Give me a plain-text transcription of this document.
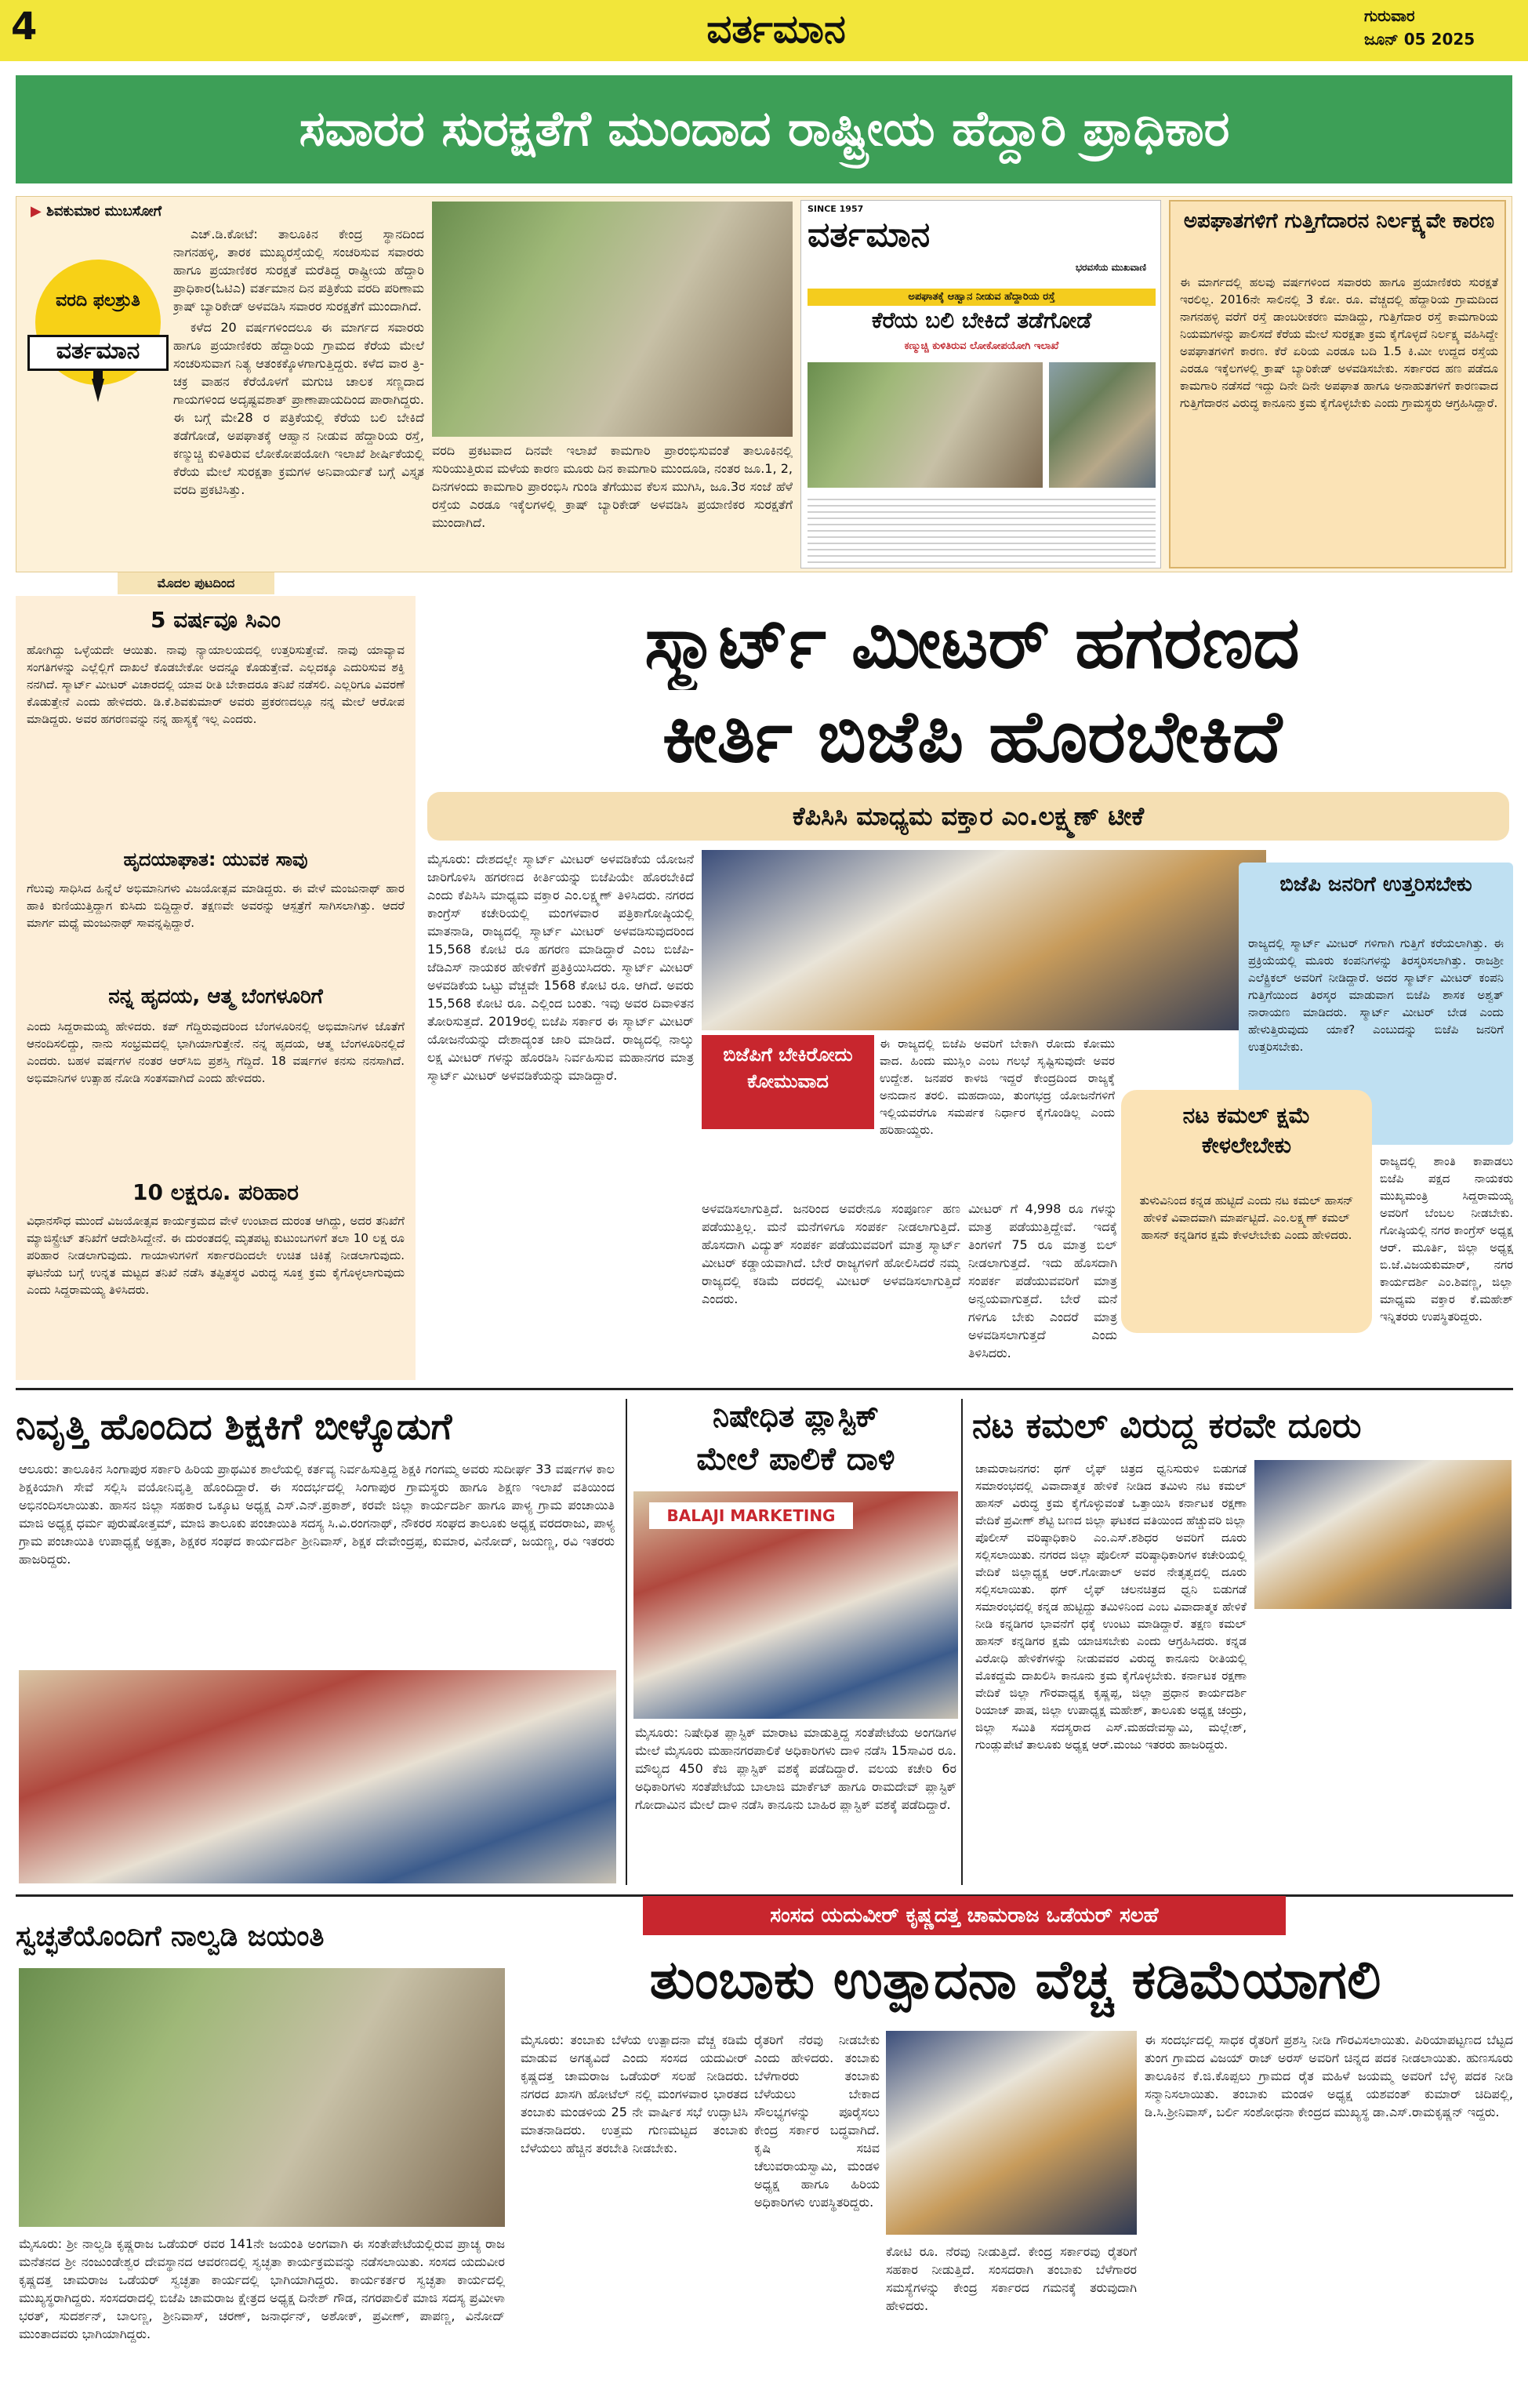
4	ವರ್ತಮಾನ	ಗುರುವಾರ
ಜೂನ್ 05 2025
ಸವಾರರ ಸುರಕ್ಷತೆಗೆ ಮುಂದಾದ ರಾಷ್ಟ್ರೀಯ ಹೆದ್ದಾರಿ ಪ್ರಾಧಿಕಾರ
▶ ಶಿವಕುಮಾರ ಮುಬಸೋಗೆ
ವರದಿ ಫಲಶ್ರುತಿ
ವರ್ತಮಾನ

ಎಚ್.ಡಿ.ಕೋಟೆ: ತಾಲೂಕಿನ ಕೇಂದ್ರ ಸ್ಥಾನದಿಂದ ನಾಗನಹಳ್ಳಿ, ತಾರಕ ಮುಖ್ಯರಸ್ತೆಯಲ್ಲಿ ಸಂಚರಿಸುವ ಸವಾರರು ಹಾಗೂ ಪ್ರಯಾಣಿಕರ ಸುರಕ್ಷತೆ ಮರೆತಿದ್ದ ರಾಷ್ಟ್ರೀಯ ಹೆದ್ದಾರಿ ಪ್ರಾಧಿಕಾರ(ಓಟಿಎ) ವರ್ತಮಾನ ದಿನ ಪತ್ರಿಕೆಯ ವರದಿ ಪರಿಣಾಮ ಕ್ರಾಷ್ ಬ್ಯಾರಿಕೇಡ್ ಅಳವಡಿಸಿ ಸವಾರರ ಸುರಕ್ಷತೆಗೆ ಮುಂದಾಗಿದೆ.

ಕಳೆದ 20 ವರ್ಷಗಳಿಂದಲೂ ಈ ಮಾರ್ಗದ ಸವಾರರು ಹಾಗೂ ಪ್ರಯಾಣಿಕರು ಹೆದ್ದಾರಿಯ ಗ್ರಾಮದ ಕೆರೆಯ ಮೇಲೆ ಸಂಚರಿಸುವಾಗ ನಿತ್ಯ ಆತಂಕಕ್ಕೊಳಗಾಗುತ್ತಿದ್ದರು. ಕಳೆದ ವಾರ ತ್ರಿ-ಚಕ್ರ ವಾಹನ ಕೆರೆಯೊಳಗೆ ಮಗುಚಿ ಚಾಲಕ ಸಣ್ಣದಾದ ಗಾಯಗಳಿಂದ ಅದೃಷ್ಟವಶಾತ್ ಪ್ರಾಣಾಪಾಯದಿಂದ ಪಾರಾಗಿದ್ದರು. ಈ ಬಗ್ಗೆ ಮೇ28 ರ ಪತ್ರಿಕೆಯಲ್ಲಿ ಕೆರೆಯ ಬಲಿ ಬೇಕಿದೆ ತಡೆಗೋಡೆ, ಅಪಘಾತಕ್ಕೆ ಆಹ್ವಾನ ನೀಡುವ ಹೆದ್ದಾರಿಯ ರಸ್ತೆ, ಕಣ್ಮುಚ್ಚಿ ಕುಳಿತಿರುವ ಲೋಕೋಪಯೋಗಿ ಇಲಾಖೆ ಶೀರ್ಷಿಕೆಯಲ್ಲಿ ಕೆರೆಯ ಮೇಲೆ ಸುರಕ್ಷತಾ ಕ್ರಮಗಳ ಅನಿವಾರ್ಯತೆ ಬಗ್ಗೆ ವಿಸ್ತೃತ ವರದಿ ಪ್ರಕಟಿಸಿತ್ತು.

ವರದಿ ಪ್ರಕಟವಾದ ದಿನವೇ ಇಲಾಖೆ ಕಾಮಗಾರಿ ಪ್ರಾರಂಭಿಸುವಂತೆ ತಾಲೂಕಿನಲ್ಲಿ ಸುರಿಯುತ್ತಿರುವ ಮಳೆಯ ಕಾರಣ ಮೂರು ದಿನ ಕಾಮಗಾರಿ ಮುಂದೂಡಿ, ನಂತರ ಜೂ.1, 2, ದಿನಗಳಂದು ಕಾಮಗಾರಿ ಪ್ರಾರಂಭಿಸಿ ಗುಂಡಿ ತೆಗೆಯುವ ಕೆಲಸ ಮುಗಿಸಿ, ಜೂ.3ರ ಸಂಜೆ ಹೆಳೆ ರಸ್ತೆಯ ಎರಡೂ ಇಕ್ಕೆಲಗಳಲ್ಲಿ ಕ್ರಾಷ್ ಬ್ಯಾರಿಕೇಡ್ ಅಳವಡಿಸಿ ಪ್ರಯಾಣಿಕರ ಸುರಕ್ಷತೆಗೆ ಮುಂದಾಗಿದೆ.
SINCE 1957
ವರ್ತಮಾನ
ಭರವಸೆಯ ಮುಖವಾಣಿ
ಅಪಘಾತಕ್ಕೆ ಆಹ್ವಾನ ನೀಡುವ ಹೆದ್ದಾರಿಯ ರಸ್ತೆ
ಕೆರೆಯ ಬಲಿ ಬೇಕಿದೆ ತಡೆಗೋಡೆ
ಕಣ್ಮುಚ್ಚಿ ಕುಳಿತಿರುವ ಲೋಕೋಪಯೋಗಿ ಇಲಾಖೆ
ಅಪಘಾತಗಳಿಗೆ ಗುತ್ತಿಗೆದಾರನ ನಿರ್ಲಕ್ಷ್ಯವೇ ಕಾರಣ
ಈ ಮಾರ್ಗದಲ್ಲಿ ಹಲವು ವರ್ಷಗಳಿಂದ ಸವಾರರು ಹಾಗೂ ಪ್ರಯಾಣಿಕರು ಸುರಕ್ಷತೆ ಇರಲಿಲ್ಲ. 2016ನೇ ಸಾಲಿನಲ್ಲಿ 3 ಕೋ. ರೂ. ವೆಚ್ಚದಲ್ಲಿ ಹೆದ್ದಾರಿಯ ಗ್ರಾಮದಿಂದ ನಾಗನಹಳ್ಳಿ ವರೆಗೆ ರಸ್ತೆ ಡಾಂಬರೀಕರಣ ಮಾಡಿದ್ದು, ಗುತ್ತಿಗೆದಾರ ರಸ್ತೆ ಕಾಮಗಾರಿಯ ನಿಯಮಗಳನ್ನು ಪಾಲಿಸದೆ ಕೆರೆಯ ಮೇಲೆ ಸುರಕ್ಷತಾ ಕ್ರಮ ಕೈಗೊಳ್ಳದೆ ನಿರ್ಲಕ್ಷ್ಯ ವಹಿಸಿದ್ದೇ ಅಪಘಾತಗಳಿಗೆ ಕಾರಣ. ಕೆರೆ ಏರಿಯ ಎರಡೂ ಬದಿ 1.5 ಕಿ.ಮೀ ಉದ್ದದ ರಸ್ತೆಯ ಎರಡೂ ಇಕ್ಕೆಲಗಳಲ್ಲಿ ಕ್ರಾಷ್ ಬ್ಯಾರಿಕೇಡ್ ಅಳವಡಿಸಬೇಕು. ಸರ್ಕಾರದ ಹಣ ಪಡೆದೂ ಕಾಮಗಾರಿ ನಡೆಸದೆ ಇದ್ದು ದಿನೇ ದಿನೇ ಅಪಘಾತ ಹಾಗೂ ಅನಾಹುತಗಳಿಗೆ ಕಾರಣವಾದ ಗುತ್ತಿಗೆದಾರನ ವಿರುದ್ಧ ಕಾನೂನು ಕ್ರಮ ಕೈಗೊಳ್ಳಬೇಕು ಎಂದು ಗ್ರಾಮಸ್ಥರು ಆಗ್ರಹಿಸಿದ್ದಾರೆ.
ಮೊದಲ ಪುಟದಿಂದ
5 ವರ್ಷವೂ ಸಿಎಂ
ಹೋಗಿದ್ದು ಒಳ್ಳೆಯದೇ ಆಯಿತು. ನಾವು ನ್ಯಾಯಾಲಯದಲ್ಲಿ ಉತ್ತರಿಸುತ್ತೇವೆ. ನಾವು ಯಾವ್ಯಾವ ಸಂಗತಿಗಳನ್ನು ಎಲ್ಲೆಲ್ಲಿಗೆ ದಾಖಲೆ ಕೊಡಬೇಕೋ ಅದನ್ನೂ ಕೊಡುತ್ತೇವೆ. ಎಲ್ಲದಕ್ಕೂ ಎದುರಿಸುವ ಶಕ್ತಿ ನನಗಿದೆ. ಸ್ಮಾರ್ಟ್ ಮೀಟರ್ ವಿಚಾರದಲ್ಲಿ ಯಾವ ರೀತಿ ಬೇಕಾದರೂ ತನಿಖೆ ನಡೆಸಲಿ. ಎಲ್ಲರಿಗೂ ವಿವರಣೆ ಕೊಡುತ್ತೇನೆ ಎಂದು ಹೇಳಿದರು. ಡಿ.ಕೆ.ಶಿವಕುಮಾರ್ ಅವರು ಪ್ರಕರಣದಲ್ಲೂ ನನ್ನ ಮೇಲೆ ಆರೋಪ ಮಾಡಿದ್ದರು. ಅವರ ಹಗರಣವನ್ನು ನನ್ನ ಹಾಸ್ಯಕ್ಕೆ ಇಲ್ಲ ಎಂದರು.
ಹೃದಯಾಘಾತ: ಯುವಕ ಸಾವು
ಗೆಲುವು ಸಾಧಿಸಿದ ಹಿನ್ನೆಲೆ ಅಭಿಮಾನಿಗಳು ವಿಜಯೋತ್ಸವ ಮಾಡಿದ್ದರು. ಈ ವೇಳೆ ಮಂಜುನಾಥ್ ಹಾರ ಹಾಕಿ ಕುಣಿಯುತ್ತಿದ್ದಾಗ ಕುಸಿದು ಬಿದ್ದಿದ್ದಾರೆ. ತಕ್ಷಣವೇ ಅವರನ್ನು ಆಸ್ಪತ್ರೆಗೆ ಸಾಗಿಸಲಾಗಿತ್ತು. ಆದರೆ ಮಾರ್ಗ ಮಧ್ಯೆ ಮಂಜುನಾಥ್ ಸಾವನ್ನಪ್ಪಿದ್ದಾರೆ.
ನನ್ನ ಹೃದಯ, ಆತ್ಮ ಬೆಂಗಳೂರಿಗೆ
ಎಂದು ಸಿದ್ದರಾಮಯ್ಯ ಹೇಳಿದರು. ಕಪ್ ಗೆದ್ದಿರುವುದರಿಂದ ಬೆಂಗಳೂರಿನಲ್ಲಿ ಅಭಿಮಾನಿಗಳ ಜೊತೆಗೆ ಆನಂದಿಸಲಿದ್ದು, ನಾನು ಸಂಭ್ರಮದಲ್ಲಿ ಭಾಗಿಯಾಗುತ್ತೇನೆ. ನನ್ನ ಹೃದಯ, ಆತ್ಮ ಬೆಂಗಳೂರಿನಲ್ಲಿದೆ ಎಂದರು. ಬಹಳ ವರ್ಷಗಳ ನಂತರ ಆರ್‌ಸಿಬಿ ಪ್ರಶಸ್ತಿ ಗೆದ್ದಿದೆ. 18 ವರ್ಷಗಳ ಕನಸು ನನಸಾಗಿದೆ. ಅಭಿಮಾನಿಗಳ ಉತ್ಸಾಹ ನೋಡಿ ಸಂತಸವಾಗಿದೆ ಎಂದು ಹೇಳಿದರು.
10 ಲಕ್ಷರೂ. ಪರಿಹಾರ
ವಿಧಾನಸೌಧ ಮುಂದೆ ವಿಜಯೋತ್ಸವ ಕಾರ್ಯಕ್ರಮದ ವೇಳೆ ಉಂಟಾದ ದುರಂತ ಆಗಿದ್ದು, ಅದರ ತನಿಖೆಗೆ ಮ್ಯಾಜಿಸ್ಟ್ರೇಟ್ ತನಿಖೆಗೆ ಆದೇಶಿಸಿದ್ದೇನೆ. ಈ ದುರಂತದಲ್ಲಿ ಮೃತಪಟ್ಟ ಕುಟುಂಬಗಳಿಗೆ ತಲಾ 10 ಲಕ್ಷ ರೂ ಪರಿಹಾರ ನೀಡಲಾಗುವುದು. ಗಾಯಾಳುಗಳಿಗೆ ಸರ್ಕಾರದಿಂದಲೇ ಉಚಿತ ಚಿಕಿತ್ಸೆ ನೀಡಲಾಗುವುದು. ಘಟನೆಯ ಬಗ್ಗೆ ಉನ್ನತ ಮಟ್ಟದ ತನಿಖೆ ನಡೆಸಿ ತಪ್ಪಿತಸ್ಥರ ವಿರುದ್ಧ ಸೂಕ್ತ ಕ್ರಮ ಕೈಗೊಳ್ಳಲಾಗುವುದು ಎಂದು ಸಿದ್ದರಾಮಯ್ಯ ತಿಳಿಸಿದರು.
ಸ್ಮಾರ್ಟ್ ಮೀಟರ್ ಹಗರಣದ
ಕೀರ್ತಿ ಬಿಜೆಪಿ ಹೊರಬೇಕಿದೆ
ಕೆಪಿಸಿಸಿ ಮಾಧ್ಯಮ ವಕ್ತಾರ ಎಂ.ಲಕ್ಷ್ಮಣ್ ಟೀಕೆ
ಮೈಸೂರು: ದೇಶದಲ್ಲೇ ಸ್ಮಾರ್ಟ್ ಮೀಟರ್ ಅಳವಡಿಕೆಯ ಯೋಜನೆ ಜಾರಿಗೊಳಿಸಿ ಹಗರಣದ ಕೀರ್ತಿಯನ್ನು ಬಿಜೆಪಿಯೇ ಹೊರಬೇಕಿದೆ ಎಂದು ಕೆಪಿಸಿಸಿ ಮಾಧ್ಯಮ ವಕ್ತಾರ ಎಂ.ಲಕ್ಷ್ಮಣ್ ತಿಳಿಸಿದರು. ನಗರದ ಕಾಂಗ್ರೆಸ್ ಕಚೇರಿಯಲ್ಲಿ ಮಂಗಳವಾರ ಪತ್ರಿಕಾಗೋಷ್ಠಿಯಲ್ಲಿ ಮಾತನಾಡಿ, ರಾಜ್ಯದಲ್ಲಿ ಸ್ಮಾರ್ಟ್ ಮೀಟರ್ ಅಳವಡಿಸುವುದರಿಂದ 15,568 ಕೋಟಿ ರೂ ಹಗರಣ ಮಾಡಿದ್ದಾರೆ ಎಂಬ ಬಿಜೆಪಿ-ಜೆಡಿಎಸ್ ನಾಯಕರ ಹೇಳಿಕೆಗೆ ಪ್ರತಿಕ್ರಿಯಿಸಿದರು. ಸ್ಮಾರ್ಟ್ ಮೀಟರ್ ಅಳವಡಿಕೆಯ ಒಟ್ಟು ವೆಚ್ಚವೇ 1568 ಕೋಟಿ ರೂ. ಆಗಿದೆ. ಅವರು 15,568 ಕೋಟಿ ರೂ. ಎಲ್ಲಿಂದ ಬಂತು. ಇವು ಅವರ ದಿವಾಳಿತನ ತೋರಿಸುತ್ತದೆ. 2019ರಲ್ಲಿ ಬಿಜೆಪಿ ಸರ್ಕಾರ ಈ ಸ್ಮಾರ್ಟ್ ಮೀಟರ್ ಯೋಜನೆಯನ್ನು ದೇಶಾದ್ಯಂತ ಜಾರಿ ಮಾಡಿದೆ. ರಾಜ್ಯದಲ್ಲಿ ನಾಲ್ಕು ಲಕ್ಷ ಮೀಟರ್ ಗಳನ್ನು ಹೊರಡಿಸಿ ನಿರ್ವಹಿಸುವ ಮಹಾನಗರ ಮಾತ್ರ ಸ್ಮಾರ್ಟ್ ಮೀಟರ್ ಅಳವಡಿಕೆಯನ್ನು ಮಾಡಿದ್ದಾರೆ.
ಬಿಜೆಪಿಗೆ ಬೇಕಿರೋದು ಕೋಮುವಾದ
ಈ ರಾಜ್ಯದಲ್ಲಿ ಬಿಜೆಪಿ ಅವರಿಗೆ ಬೇಕಾಗಿ ರೋದು ಕೋಮು ವಾದ. ಹಿಂದು ಮುಸ್ಲಿಂ ಎಂಬ ಗಲಭೆ ಸೃಷ್ಟಿಸುವುದೇ ಅವರ ಉದ್ದೇಶ. ಜನಪರ ಕಾಳಜಿ ಇದ್ದರೆ ಕೇಂದ್ರದಿಂದ ರಾಜ್ಯಕ್ಕೆ ಅನುದಾನ ತರಲಿ. ಮಹದಾಯಿ, ತುಂಗಭದ್ರ ಯೋಜನೆಗಳಿಗೆ ಇಲ್ಲಿಯವರೆಗೂ ಸಮರ್ಪಕ ನಿರ್ಧಾರ ಕೈಗೊಂಡಿಲ್ಲ ಎಂದು ಹರಿಹಾಯ್ದರು.
ಬಿಜೆಪಿ ಜನರಿಗೆ ಉತ್ತರಿಸಬೇಕು
ರಾಜ್ಯದಲ್ಲಿ ಸ್ಮಾರ್ಟ್ ಮೀಟರ್ ಗಳಿಗಾಗಿ ಗುತ್ತಿಗೆ ಕರೆಯಲಾಗಿತ್ತು. ಈ ಪ್ರಕ್ರಿಯೆಯಲ್ಲಿ ಮೂರು ಕಂಪನಿಗಳನ್ನು ತಿರಸ್ಕರಿಸಲಾಗಿತ್ತು. ರಾಜಶ್ರೀ ಎಲೆಕ್ಟ್ರಿಕಲ್ ಅವರಿಗೆ ನೀಡಿದ್ದಾರೆ. ಅದರ ಸ್ಮಾರ್ಟ್ ಮೀಟರ್ ಕಂಪನಿ ಗುತ್ತಿಗೆಯಿಂದ ತಿರಸ್ಕರ ಮಾಡುವಾಗ ಬಿಜೆಪಿ ಶಾಸಕ ಅಶ್ವತ್ ನಾರಾಯಣ ಮಾಡಿದರು. ಸ್ಮಾರ್ಟ್ ಮೀಟರ್ ಬೇಡ ಎಂದು ಹೇಳುತ್ತಿರುವುದು ಯಾಕೆ? ಎಂಬುದನ್ನು ಬಿಜೆಪಿ ಜನರಿಗೆ ಉತ್ತರಿಸಬೇಕು.
ನಟ ಕಮಲ್ ಕ್ಷಮೆ ಕೇಳಲೇಬೇಕು
ತುಳುವಿನಿಂದ ಕನ್ನಡ ಹುಟ್ಟಿದೆ ಎಂದು ನಟ ಕಮಲ್ ಹಾಸನ್ ಹೇಳಿಕೆ ವಿವಾದವಾಗಿ ಮಾರ್ಪಟ್ಟಿದೆ. ಎಂ.ಲಕ್ಷ್ಮಣ್ ಕಮಲ್ ಹಾಸನ್ ಕನ್ನಡಿಗರ ಕ್ಷಮೆ ಕೇಳಲೇಬೇಕು ಎಂದು ಹೇಳಿದರು.
ಅಳವಡಿಸಲಾಗುತ್ತಿದೆ. ಜನರಿಂದ ಅವರೇನೂ ಸಂಪೂರ್ಣ ಹಣ ಪಡೆಯುತ್ತಿಲ್ಲ. ಮನೆ ಮನೆಗಳಿಗೂ ಸಂಪರ್ಕ ನೀಡಲಾಗುತ್ತಿದೆ. ಹೊಸದಾಗಿ ವಿದ್ಯುತ್ ಸಂಪರ್ಕ ಪಡೆಯುವವರಿಗೆ ಮಾತ್ರ ಸ್ಮಾರ್ಟ್ ಮೀಟರ್ ಕಡ್ಡಾಯವಾಗಿದೆ. ಬೇರೆ ರಾಜ್ಯಗಳಿಗೆ ಹೋಲಿಸಿದರೆ ನಮ್ಮ ರಾಜ್ಯದಲ್ಲಿ ಕಡಿಮೆ ದರದಲ್ಲಿ ಮೀಟರ್ ಅಳವಡಿಸಲಾಗುತ್ತಿದೆ ಎಂದರು.
ಮೀಟರ್ ಗೆ 4,998 ರೂ ಗಳನ್ನು ಮಾತ್ರ ಪಡೆಯುತ್ತಿದ್ದೇವೆ. ಇದಕ್ಕೆ ತಿಂಗಳಿಗೆ 75 ರೂ ಮಾತ್ರ ಬಿಲ್ ನೀಡಲಾಗುತ್ತದೆ. ಇದು ಹೊಸದಾಗಿ ಸಂಪರ್ಕ ಪಡೆಯುವವರಿಗೆ ಮಾತ್ರ ಅನ್ವಯವಾಗುತ್ತದೆ. ಬೇರೆ ಮನೆ ಗಳಿಗೂ ಬೇಕು ಎಂದರೆ ಮಾತ್ರ ಅಳವಡಿಸಲಾಗುತ್ತದೆ ಎಂದು ತಿಳಿಸಿದರು.
ರಾಜ್ಯದಲ್ಲಿ ಶಾಂತಿ ಕಾಪಾಡಲು ಬಿಜೆಪಿ ಪಕ್ಷದ ನಾಯಕರು ಮುಖ್ಯಮಂತ್ರಿ ಸಿದ್ದರಾಮಯ್ಯ ಅವರಿಗೆ ಬೆಂಬಲ ನೀಡಬೇಕು. ಗೋಷ್ಠಿಯಲ್ಲಿ ನಗರ ಕಾಂಗ್ರೆಸ್ ಅಧ್ಯಕ್ಷ ಆರ್. ಮೂರ್ತಿ, ಜಿಲ್ಲಾ ಅಧ್ಯಕ್ಷ ಬಿ.ಜೆ.ವಿಜಯಕುಮಾರ್, ನಗರ ಕಾರ್ಯದರ್ಶಿ ಎಂ.ಶಿವಣ್ಣ, ಜಿಲ್ಲಾ ಮಾಧ್ಯಮ ವಕ್ತಾರ ಕೆ.ಮಹೇಶ್ ಇನ್ನಿತರರು ಉಪಸ್ಥಿತರಿದ್ದರು.
ನಿವೃತ್ತಿ ಹೊಂದಿದ ಶಿಕ್ಷಕಿಗೆ ಬೀಳ್ಕೊಡುಗೆ
ಆಲೂರು: ತಾಲೂಕಿನ ಸಿಂಗಾಪುರ ಸರ್ಕಾರಿ ಹಿರಿಯ ಪ್ರಾಥಮಿಕ ಶಾಲೆಯಲ್ಲಿ ಕರ್ತವ್ಯ ನಿರ್ವಹಿಸುತ್ತಿದ್ದ ಶಿಕ್ಷಕಿ ಗಂಗಮ್ಮ ಅವರು ಸುದೀರ್ಘ 33 ವರ್ಷಗಳ ಕಾಲ ಶಿಕ್ಷಕಿಯಾಗಿ ಸೇವೆ ಸಲ್ಲಿಸಿ ವಯೋನಿವೃತ್ತಿ ಹೊಂದಿದ್ದಾರೆ. ಈ ಸಂದರ್ಭದಲ್ಲಿ ಸಿಂಗಾಪುರ ಗ್ರಾಮಸ್ಥರು ಹಾಗೂ ಶಿಕ್ಷಣ ಇಲಾಖೆ ವತಿಯಿಂದ ಅಭಿನಂದಿಸಲಾಯಿತು. ಹಾಸನ ಜಿಲ್ಲಾ ಸಹಕಾರ ಒಕ್ಕೂಟ ಅಧ್ಯಕ್ಷ ಎಸ್.ಎನ್.ಪ್ರಕಾಶ್, ಕರವೇ ಜಿಲ್ಲಾ ಕಾರ್ಯದರ್ಶಿ ಹಾಗೂ ಪಾಳ್ಯ ಗ್ರಾಮ ಪಂಚಾಯಿತಿ ಮಾಜಿ ಅಧ್ಯಕ್ಷ ಧರ್ಮ ಪುರುಷೋತ್ತಮ್, ಮಾಜಿ ತಾಲೂಕು ಪಂಚಾಯಿತಿ ಸದಸ್ಯ ಸಿ.ವಿ.ರಂಗನಾಥ್, ನೌಕರರ ಸಂಘದ ತಾಲೂಕು ಅಧ್ಯಕ್ಷ ವರದರಾಜು, ಪಾಳ್ಯ ಗ್ರಾಮ ಪಂಚಾಯಿತಿ ಉಪಾಧ್ಯಕ್ಷೆ ಅಕ್ಷತಾ, ಶಿಕ್ಷಕರ ಸಂಘದ ಕಾರ್ಯದರ್ಶಿ ಶ್ರೀನಿವಾಸ್, ಶಿಕ್ಷಕ ದೇವೇಂದ್ರಪ್ಪ, ಕುಮಾರ, ವಿನೋದ್, ಜಯಣ್ಣ, ರವಿ ಇತರರು ಹಾಜರಿದ್ದರು.
ನಿಷೇಧಿತ ಪ್ಲಾಸ್ಟಿಕ್
ಮೇಲೆ ಪಾಲಿಕೆ ದಾಳಿ
BALAJI MARKETING
ಮೈಸೂರು: ನಿಷೇಧಿತ ಪ್ಲಾಸ್ಟಿಕ್ ಮಾರಾಟ ಮಾಡುತ್ತಿದ್ದ ಸಂತೆಪೇಟೆಯ ಅಂಗಡಿಗಳ ಮೇಲೆ ಮೈಸೂರು ಮಹಾನಗರಪಾಲಿಕೆ ಅಧಿಕಾರಿಗಳು ದಾಳಿ ನಡೆಸಿ 15ಸಾವಿರ ರೂ. ಮೌಲ್ಯದ 450 ಕೆಜಿ ಪ್ಲಾಸ್ಟಿಕ್ ವಶಕ್ಕೆ ಪಡೆದಿದ್ದಾರೆ. ವಲಯ ಕಚೇರಿ 6ರ ಅಧಿಕಾರಿಗಳು ಸಂತೆಪೇಟೆಯ ಬಾಲಾಜಿ ಮಾರ್ಕೆಟ್ ಹಾಗೂ ರಾಮದೇವ್ ಪ್ಲಾಸ್ಟಿಕ್ ಗೋದಾಮಿನ ಮೇಲೆ ದಾಳಿ ನಡೆಸಿ ಕಾನೂನು ಬಾಹಿರ ಪ್ಲಾಸ್ಟಿಕ್ ವಶಕ್ಕೆ ಪಡೆದಿದ್ದಾರೆ.
ನಟ ಕಮಲ್ ವಿರುದ್ದ ಕರವೇ ದೂರು
ಚಾಮರಾಜನಗರ: ಥಗ್ ಲೈಫ್ ಚಿತ್ರದ ಧ್ವನಿಸುರುಳಿ ಬಿಡುಗಡೆ ಸಮಾರಂಭದಲ್ಲಿ ವಿವಾದಾತ್ಮಕ ಹೇಳಿಕೆ ನೀಡಿದ ತಮಿಳು ನಟ ಕಮಲ್ ಹಾಸನ್ ವಿರುದ್ಧ ಕ್ರಮ ಕೈಗೊಳ್ಳುವಂತೆ ಒತ್ತಾಯಿಸಿ ಕರ್ನಾಟಕ ರಕ್ಷಣಾ ವೇದಿಕೆ ಪ್ರವೀಣ್ ಶೆಟ್ಟಿ ಬಣದ ಜಿಲ್ಲಾ ಘಟಕದ ವತಿಯಿಂದ ಹೆಚ್ಚುವರಿ ಜಿಲ್ಲಾ ಪೊಲೀಸ್ ವರಿಷ್ಠಾಧಿಕಾರಿ ಎಂ.ಎಸ್.ಶಶಿಧರ ಅವರಿಗೆ ದೂರು ಸಲ್ಲಿಸಲಾಯಿತು. ನಗರದ ಜಿಲ್ಲಾ ಪೊಲೀಸ್ ವರಿಷ್ಠಾಧಿಕಾರಿಗಳ ಕಚೇರಿಯಲ್ಲಿ ವೇದಿಕೆ ಜಿಲ್ಲಾಧ್ಯಕ್ಷ ಆರ್.ಗೋಪಾಲ್ ಅವರ ನೇತೃತ್ವದಲ್ಲಿ ದೂರು ಸಲ್ಲಿಸಲಾಯಿತು. ಥಗ್ ಲೈಫ್ ಚಲನಚಿತ್ರದ ಧ್ವನಿ ಬಿಡುಗಡೆ ಸಮಾರಂಭದಲ್ಲಿ ಕನ್ನಡ ಹುಟ್ಟಿದ್ದು ತಮಿಳಿನಿಂದ ಎಂಬ ವಿವಾದಾತ್ಮಕ ಹೇಳಿಕೆ ನೀಡಿ ಕನ್ನಡಿಗರ ಭಾವನೆಗೆ ಧಕ್ಕೆ ಉಂಟು ಮಾಡಿದ್ದಾರೆ. ತಕ್ಷಣ ಕಮಲ್ ಹಾಸನ್ ಕನ್ನಡಿಗರ ಕ್ಷಮೆ ಯಾಚಿಸಬೇಕು ಎಂದು ಆಗ್ರಹಿಸಿದರು. ಕನ್ನಡ ವಿರೋಧಿ ಹೇಳಿಕೆಗಳನ್ನು ನೀಡುವವರ ವಿರುದ್ಧ ಕಾನೂನು ರೀತಿಯಲ್ಲಿ ಮೊಕದ್ದಮೆ ದಾಖಲಿಸಿ ಕಾನೂನು ಕ್ರಮ ಕೈಗೊಳ್ಳಬೇಕು. ಕರ್ನಾಟಕ ರಕ್ಷಣಾ ವೇದಿಕೆ ಜಿಲ್ಲಾ ಗೌರವಾಧ್ಯಕ್ಷ ಕೃಷ್ಣಪ್ಪ, ಜಿಲ್ಲಾ ಪ್ರಧಾನ ಕಾರ್ಯದರ್ಶಿ ರಿಯಾಜ್ ಪಾಷ, ಜಿಲ್ಲಾ ಉಪಾಧ್ಯಕ್ಷ ಮಹೇಶ್, ತಾಲೂಕು ಅಧ್ಯಕ್ಷ ಚಂದ್ರು, ಜಿಲ್ಲಾ ಸಮಿತಿ ಸದಸ್ಯರಾದ ಎಸ್.ಮಹದೇವಸ್ವಾಮಿ, ಮಲ್ಲೇಶ್, ಗುಂಡ್ಲುಪೇಟೆ ತಾಲೂಕು ಅಧ್ಯಕ್ಷ ಆರ್.ಮಂಜು ಇತರರು ಹಾಜರಿದ್ದರು.
ಸ್ವಚ್ಛತೆಯೊಂದಿಗೆ ನಾಲ್ವಡಿ ಜಯಂತಿ
ಮೈಸೂರು: ಶ್ರೀ ನಾಲ್ವಡಿ ಕೃಷ್ಣರಾಜ ಒಡೆಯರ್ ರವರ 141ನೇ ಜಯಂತಿ ಅಂಗವಾಗಿ ಈ ಸಂತೇಪೇಟೆಯಲ್ಲಿರುವ ಪ್ರಾಚ್ಯ ರಾಜ ಮನೆತನದ ಶ್ರೀ ನಂಜುಂಡೇಶ್ವರ ದೇವಸ್ಥಾನದ ಆವರಣದಲ್ಲಿ ಸ್ವಚ್ಛತಾ ಕಾರ್ಯಕ್ರಮವನ್ನು ನಡೆಸಲಾಯಿತು. ಸಂಸದ ಯದುವೀರ ಕೃಷ್ಣದತ್ತ ಚಾಮರಾಜ ಒಡೆಯರ್ ಸ್ವಚ್ಛತಾ ಕಾರ್ಯದಲ್ಲಿ ಭಾಗಿಯಾಗಿದ್ದರು. ಕಾರ್ಯಕರ್ತರ ಸ್ವಚ್ಛತಾ ಕಾರ್ಯದಲ್ಲಿ ಮುಖ್ಯಸ್ಥರಾಗಿದ್ದರು. ಸಂಸದರಾದಲ್ಲಿ ಬಿಜೆಪಿ ಚಾಮರಾಜ ಕ್ಷೇತ್ರದ ಅಧ್ಯಕ್ಷ ದಿನೇಶ್ ಗೌಡ, ನಗರಪಾಲಿಕೆ ಮಾಜಿ ಸದಸ್ಯ ಪ್ರಮೀಳಾ ಭರತ್, ಸುದರ್ಶನ್, ಬಾಲಣ್ಣ, ಶ್ರೀನಿವಾಸ್, ಚರಣ್, ಜನಾರ್ಧನ್, ಅಶೋಕ್, ಪ್ರವೀಣ್, ಪಾಪಣ್ಣ, ವಿನೋದ್ ಮುಂತಾದವರು ಭಾಗಿಯಾಗಿದ್ದರು.
ಸಂಸದ ಯದುವೀರ್ ಕೃಷ್ಣದತ್ತ ಚಾಮರಾಜ ಒಡೆಯರ್ ಸಲಹೆ
ತುಂಬಾಕು ಉತ್ಪಾದನಾ ವೆಚ್ಚ ಕಡಿಮೆಯಾಗಲಿ
ಮೈಸೂರು: ತಂಬಾಕು ಬೆಳೆಯ ಉತ್ಪಾದನಾ ವೆಚ್ಚ ಕಡಿಮೆ ಮಾಡುವ ಅಗತ್ಯವಿದೆ ಎಂದು ಸಂಸದ ಯದುವೀರ್ ಕೃಷ್ಣದತ್ತ ಚಾಮರಾಜ ಒಡೆಯರ್ ಸಲಹೆ ನೀಡಿದರು. ನಗರದ ಖಾಸಗಿ ಹೋಟೆಲ್ ನಲ್ಲಿ ಮಂಗಳವಾರ ಭಾರತದ ತಂಬಾಕು ಮಂಡಳಿಯ 25 ನೇ ವಾರ್ಷಿಕ ಸಭೆ ಉದ್ಘಾಟಿಸಿ ಮಾತನಾಡಿದರು. ಉತ್ತಮ ಗುಣಮಟ್ಟದ ತಂಬಾಕು ಬೆಳೆಯಲು ಹೆಚ್ಚಿನ ತರಬೇತಿ ನೀಡಬೇಕು.
ರೈತರಿಗೆ ನೆರವು ನೀಡಬೇಕು ಎಂದು ಹೇಳಿದರು. ತಂಬಾಕು ಬೆಳೆಗಾರರು ತಂಬಾಕು ಬೆಳೆಯಲು ಬೇಕಾದ ಸೌಲಭ್ಯಗಳನ್ನು ಪೂರೈಸಲು ಕೇಂದ್ರ ಸರ್ಕಾರ ಬದ್ಧವಾಗಿದೆ. ಕೃಷಿ ಸಚಿವ ಚೆಲುವರಾಯಸ್ವಾಮಿ, ಮಂಡಳಿ ಅಧ್ಯಕ್ಷ ಹಾಗೂ ಹಿರಿಯ ಅಧಿಕಾರಿಗಳು ಉಪಸ್ಥಿತರಿದ್ದರು.
ಕೋಟಿ ರೂ. ನೆರವು ನೀಡುತ್ತಿದೆ. ಕೇಂದ್ರ ಸರ್ಕಾರವು ರೈತರಿಗೆ ಸಹಕಾರ ನೀಡುತ್ತಿದೆ. ಸಂಸದರಾಗಿ ತಂಬಾಕು ಬೆಳೆಗಾರರ ಸಮಸ್ಯೆಗಳನ್ನು ಕೇಂದ್ರ ಸರ್ಕಾರದ ಗಮನಕ್ಕೆ ತರುವುದಾಗಿ ಹೇಳಿದರು.
ಈ ಸಂದರ್ಭದಲ್ಲಿ ಸಾಧಕ ರೈತರಿಗೆ ಪ್ರಶಸ್ತಿ ನೀಡಿ ಗೌರವಿಸಲಾಯಿತು. ಪಿರಿಯಾಪಟ್ಟಣದ ಬೆಟ್ಟದ ತುಂಗ ಗ್ರಾಮದ ವಿಜಯ್ ರಾಜ್ ಅರಸ್ ಅವರಿಗೆ ಚಿನ್ನದ ಪದಕ ನೀಡಲಾಯಿತು. ಹುಣಸೂರು ತಾಲೂಕಿನ ಕೆ.ಜಿ.ಕೊಪ್ಪಲು ಗ್ರಾಮದ ರೈತ ಮಹಿಳೆ ಜಯಮ್ಮ ಅವರಿಗೆ ಬೆಳ್ಳಿ ಪದಕ ನೀಡಿ ಸನ್ಮಾನಿಸಲಾಯಿತು. ತಂಬಾಕು ಮಂಡಳಿ ಅಧ್ಯಕ್ಷ ಯಶವಂತ್ ಕುಮಾರ್ ಚಿದಿಪಲ್ಲಿ, ಡಿ.ಸಿ.ಶ್ರೀನಿವಾಸ್, ಬರ್ಲಿ ಸಂಶೋಧನಾ ಕೇಂದ್ರದ ಮುಖ್ಯಸ್ಥ ಡಾ.ಎಸ್.ರಾಮಕೃಷ್ಣನ್ ಇದ್ದರು.
